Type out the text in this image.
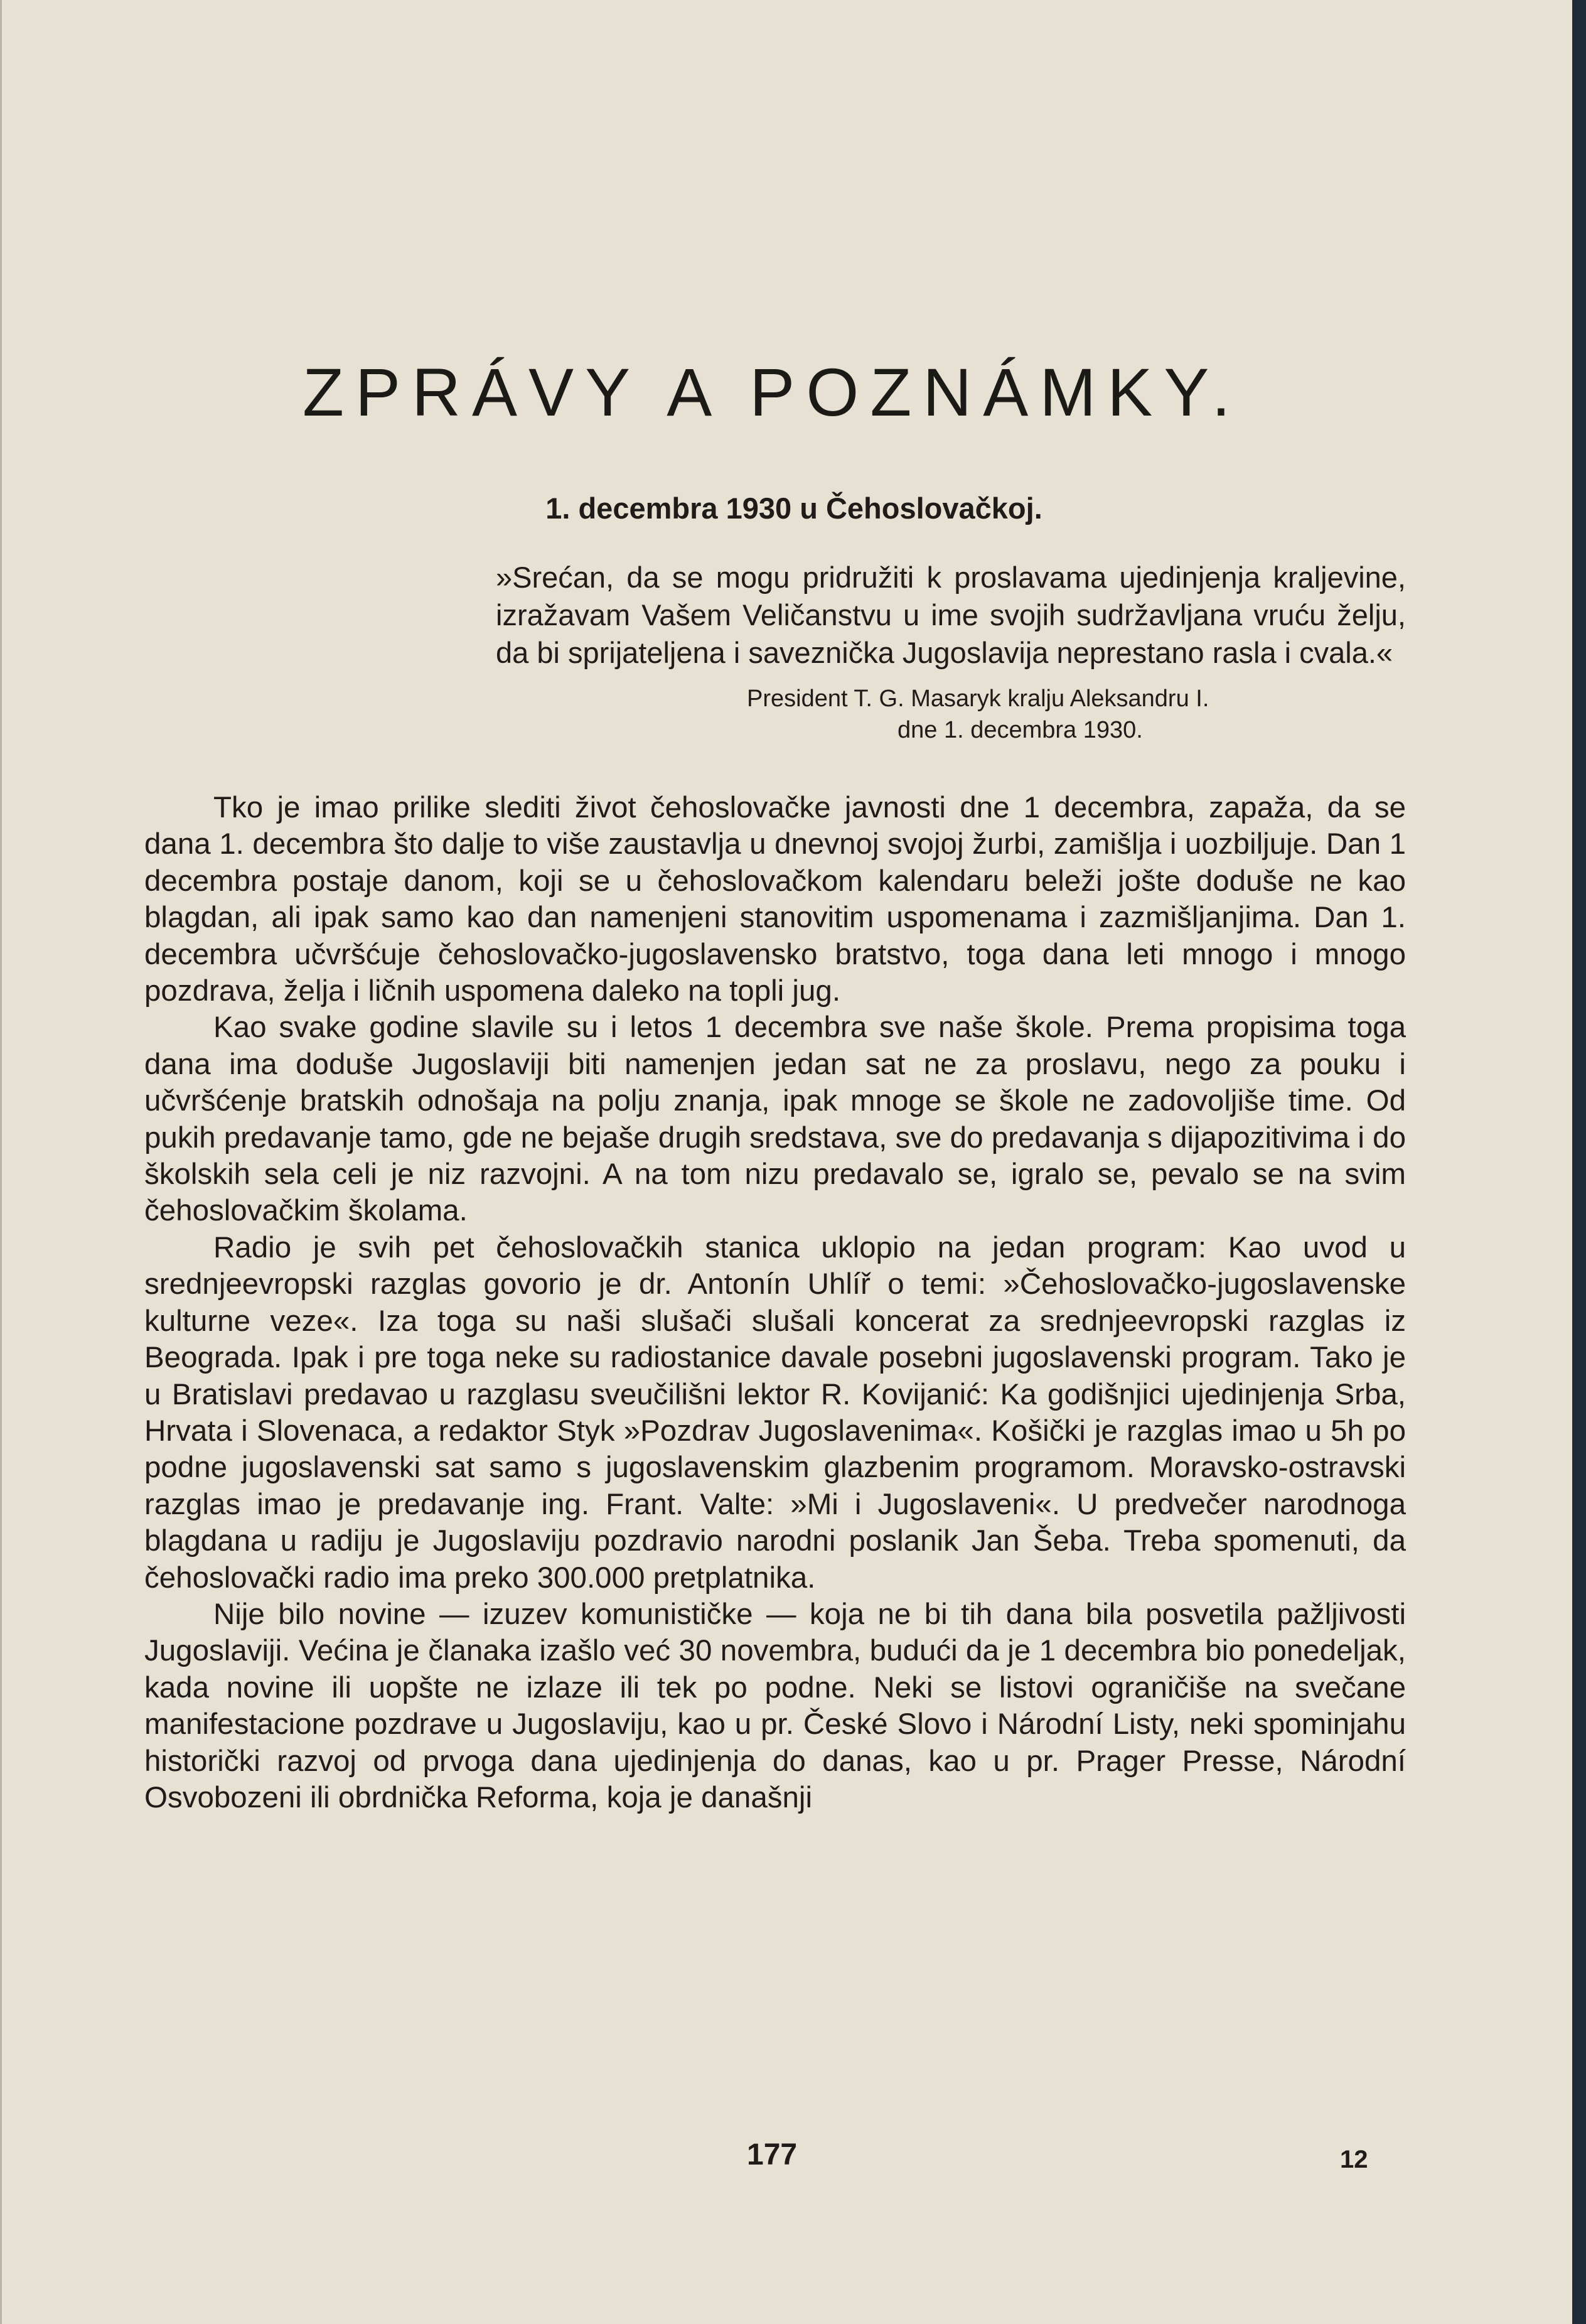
ZPRÁVY A POZNÁMKY.
1. decembra 1930 u Čehoslovačkoj.

»Srećan, da se mogu pridružiti k proslavama ujedinjenja kraljevine, izražavam Vašem Veličanstvu u ime svojih sudržavljana vruću želju, da bi sprijateljena i saveznička Jugoslavija neprestano rasla i cvala.«

President T. G. Masaryk kralju Aleksandru I.
dne 1. decembra 1930.

Tko je imao prilike slediti život čehoslovačke javnosti dne 1 decembra, zapaža, da se dana 1. decembra što dalje to više zaustavlja u dnevnoj svojoj žurbi, zamišlja i uozbiljuje. Dan 1 decembra postaje danom, koji se u čehoslovačkom kalendaru beleži jošte doduše ne kao blagdan, ali ipak samo kao dan namenjeni stanovitim uspomenama i zazmišljanjima. Dan 1. decembra učvršćuje čehoslovačko-jugoslavensko bratstvo, toga dana leti mnogo i mnogo pozdrava, želja i ličnih uspomena daleko na topli jug.

Kao svake godine slavile su i letos 1 decembra sve naše škole. Prema propisima toga dana ima doduše Jugoslaviji biti namenjen jedan sat ne za proslavu, nego za pouku i učvršćenje bratskih odnošaja na polju znanja, ipak mnoge se škole ne zadovoljiše time. Od pukih predavanje tamo, gde ne bejaše drugih sredstava, sve do predavanja s dijapozitivima i do školskih sela celi je niz razvojni. A na tom nizu predavalo se, igralo se, pevalo se na svim čehoslovačkim školama.

Radio je svih pet čehoslovačkih stanica uklopio na jedan program: Kao uvod u srednjeevropski razglas govorio je dr. Antonín Uhlíř o temi: »Čehoslovačko-jugoslavenske kulturne veze«. Iza toga su naši slušači slušali koncerat za srednjeevropski razglas iz Beograda. Ipak i pre toga neke su radiostanice davale posebni jugoslavenski program. Tako je u Bratislavi predavao u razglasu sveučilišni lektor R. Kovijanić: Ka godišnjici ujedinjenja Srba, Hrvata i Slovenaca, a redaktor Styk »Pozdrav Jugoslavenima«. Košički je razglas imao u 5h po podne jugoslavenski sat samo s jugoslavenskim glazbenim programom. Moravsko-ostravski razglas imao je predavanje ing. Frant. Valte: »Mi i Jugoslaveni«. U predvečer narodnoga blagdana u radiju je Jugoslaviju pozdravio narodni poslanik Jan Šeba. Treba spomenuti, da čehoslovački radio ima preko 300.000 pretplatnika.

Nije bilo novine — izuzev komunističke — koja ne bi tih dana bila posvetila pažljivosti Jugoslaviji. Većina je članaka izašlo već 30 novembra, budući da je 1 decembra bio ponedeljak, kada novine ili uopšte ne izlaze ili tek po podne. Neki se listovi ograničiše na svečane manifestacione pozdrave u Jugoslaviju, kao u pr. České Slovo i Národní Listy, neki spominjahu historički razvoj od prvoga dana ujedinjenja do danas, kao u pr. Prager Presse, Národní Osvobozeni ili obrdnička Reforma, koja je današnji

177	12
